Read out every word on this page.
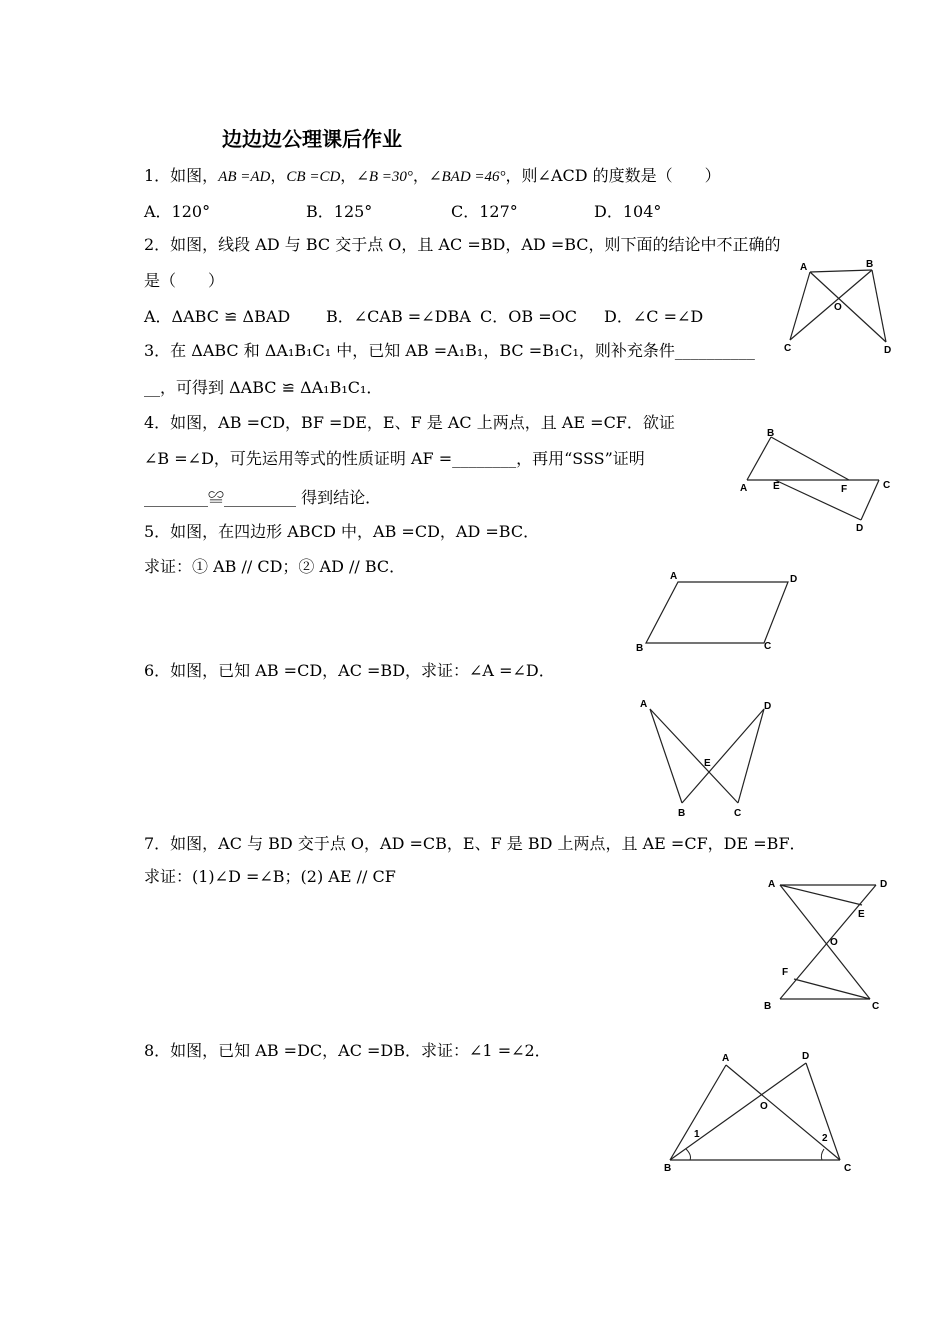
边边边公理课后作业
1．如图，AB =AD，CB =CD，∠B =30°，∠BAD =46°，则∠ACD 的度数是（　　）
A．120°	B．125°	C．127°	D．104°
2．如图，线段 AD 与 BC 交于点 O，且 AC =BD，AD =BC，则下面的结论中不正确的
是（　　）
A．ΔABC ≌ ΔBAD B．∠CAB =∠DBA C．OB =OC D．∠C =∠D
A	B
O
C	D
3．在 ΔABC 和 ΔA₁B₁C₁ 中，已知 AB =A₁B₁，BC =B₁C₁，则补充条件__________
__，可得到 ΔABC ≌ ΔA₁B₁C₁．
4．如图，AB =CD，BF =DE，E、F 是 AC 上两点，且 AE =CF．欲证
∠B =∠D，可先运用等式的性质证明 AF =________，再用“SSS”证明
________≌_________ 得到结论．
B
A	E	F	C
D
5．如图，在四边形 ABCD 中，AB =CD，AD =BC．
求证：① AB // CD；② AD // BC．
A	D
B	C
6．如图，已知 AB =CD，AC =BD，求证：∠A =∠D．
A	D
E
B	C
7．如图，AC 与 BD 交于点 O，AD =CB，E、F 是 BD 上两点，且 AE =CF，DE =BF．
求证：(1)∠D =∠B；(2) AE // CF	A	D
E
O
F
B	C
8．如图，已知 AB =DC，AC =DB．求证：∠1 =∠2．	A	D
O
1	2
B	C
